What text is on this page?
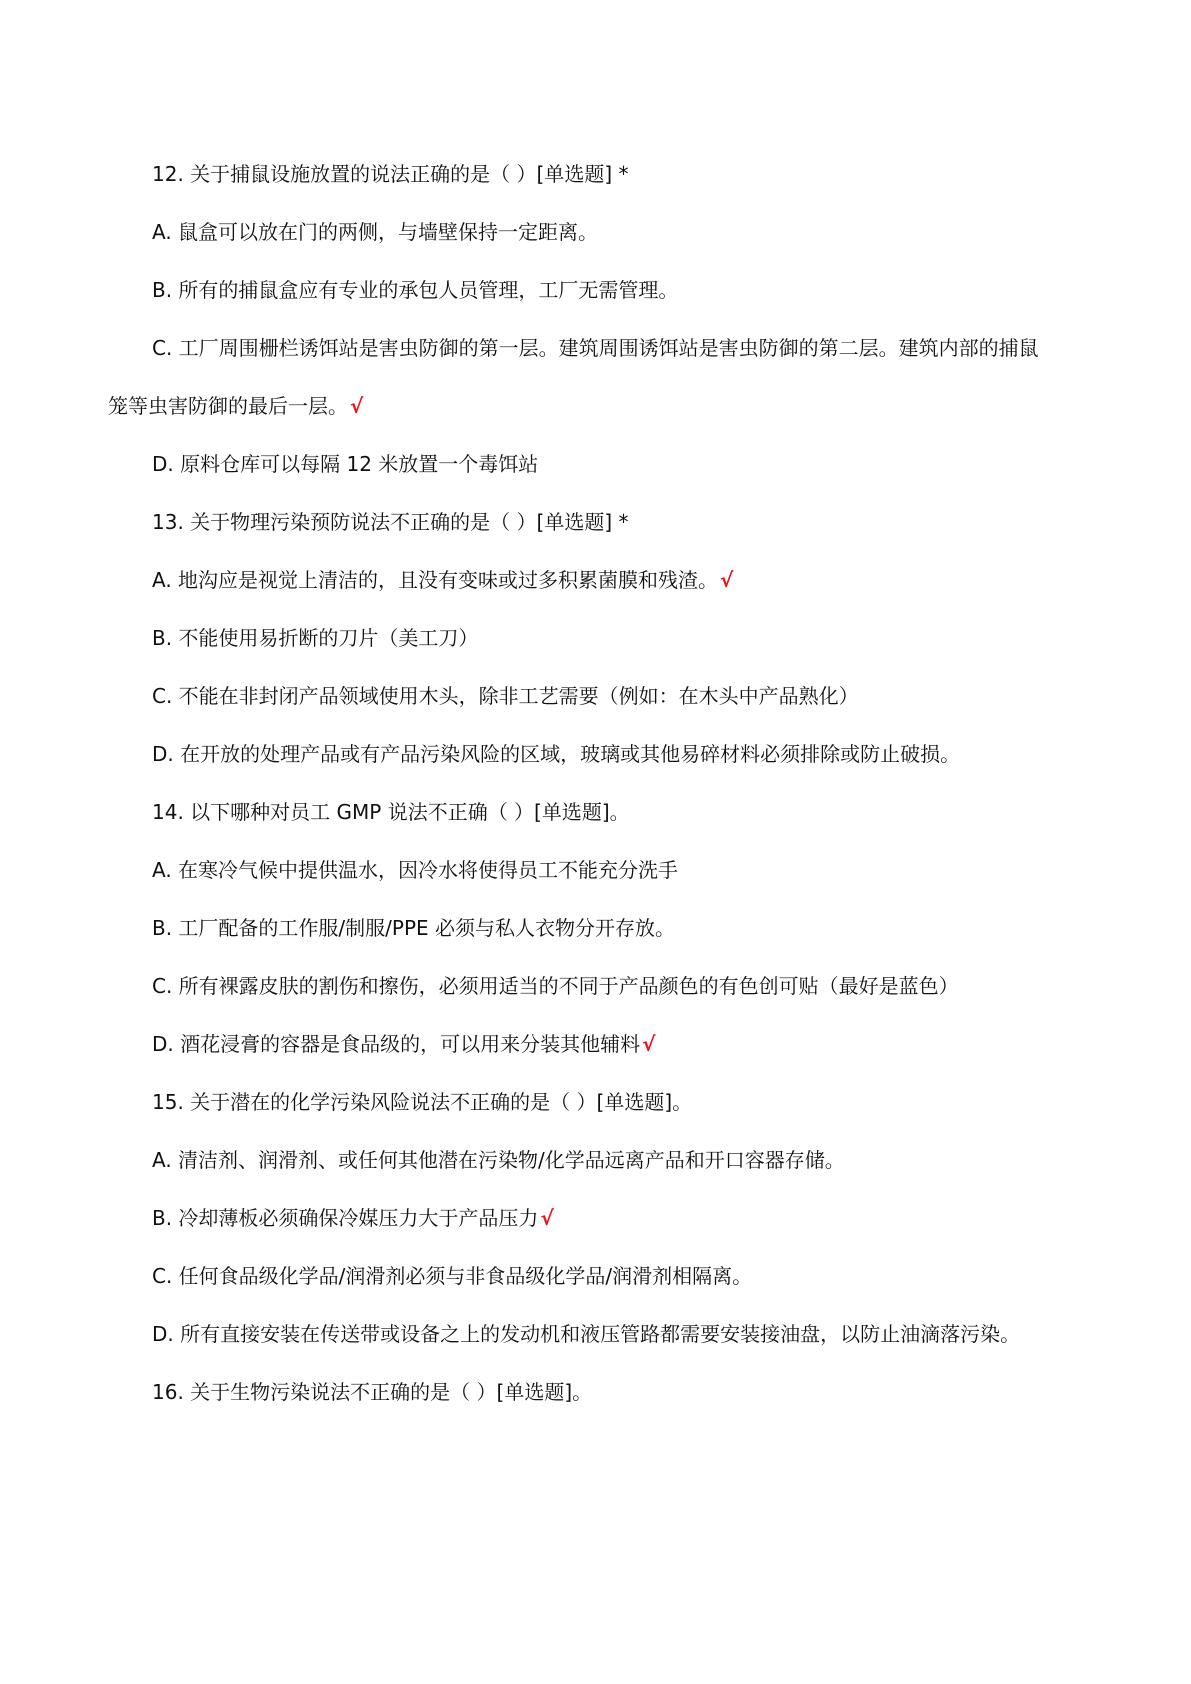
12. 关于捕鼠设施放置的说法正确的是（ ）[单选题] *
A. 鼠盒可以放在门的两侧，与墙壁保持一定距离。
B. 所有的捕鼠盒应有专业的承包人员管理，工厂无需管理。
C. 工厂周围栅栏诱饵站是害虫防御的第一层。建筑周围诱饵站是害虫防御的第二层。建筑内部的捕鼠
笼等虫害防御的最后一层。 √
D. 原料仓库可以每隔 12 米放置一个毒饵站
13. 关于物理污染预防说法不正确的是（ ）[单选题] *
A. 地沟应是视觉上清洁的，且没有变味或过多积累菌膜和残渣。 √
B. 不能使用易折断的刀片（美工刀）
C. 不能在非封闭产品领域使用木头，除非工艺需要（例如：在木头中产品熟化）
D. 在开放的处理产品或有产品污染风险的区域，玻璃或其他易碎材料必须排除或防止破损。
14. 以下哪种对员工 GMP 说法不正确（ ）[单选题]。
A. 在寒冷气候中提供温水，因冷水将使得员工不能充分洗手
B. 工厂配备的工作服/制服/PPE 必须与私人衣物分开存放。
C. 所有裸露皮肤的割伤和擦伤，必须用适当的不同于产品颜色的有色创可贴（最好是蓝色）
D. 酒花浸膏的容器是食品级的，可以用来分装其他辅料 √
15. 关于潜在的化学污染风险说法不正确的是（ ）[单选题]。
A. 清洁剂、润滑剂、或任何其他潜在污染物/化学品远离产品和开口容器存储。
B. 冷却薄板必须确保冷媒压力大于产品压力 √
C. 任何食品级化学品/润滑剂必须与非食品级化学品/润滑剂相隔离。
D. 所有直接安装在传送带或设备之上的发动机和液压管路都需要安装接油盘，以防止油滴落污染。
16. 关于生物污染说法不正确的是（ ）[单选题]。
